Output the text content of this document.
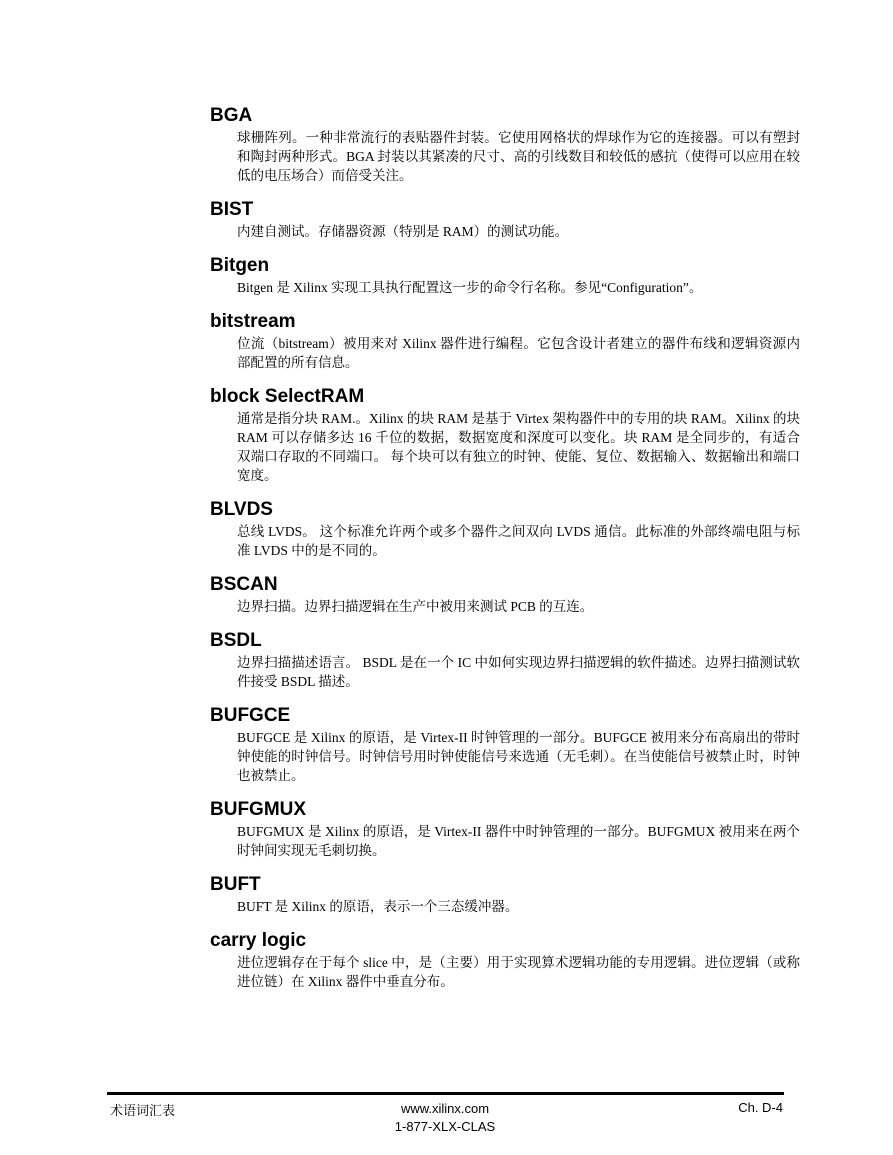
BGA
球栅阵列。一种非常流行的表贴器件封装。它使用网格状的焊球作为它的连接器。可以有塑封和陶封两种形式。BGA 封装以其紧凑的尺寸、高的引线数目和较低的感抗（使得可以应用在较低的电压场合）而倍受关注。
BIST
内建自测试。存储器资源（特别是 RAM）的测试功能。
Bitgen
Bitgen 是 Xilinx 实现工具执行配置这一步的命令行名称。参见“Configuration”。
bitstream
位流（bitstream）被用来对 Xilinx 器件进行编程。它包含设计者建立的器件布线和逻辑资源内部配置的所有信息。
block SelectRAM
通常是指分块 RAM.。Xilinx 的块 RAM 是基于 Virtex 架构器件中的专用的块 RAM。Xilinx 的块 RAM 可以存储多达 16 千位的数据，数据宽度和深度可以变化。块 RAM 是全同步的，有适合双端口存取的不同端口。 每个块可以有独立的时钟、使能、复位、数据输入、数据输出和端口宽度。
BLVDS
总线 LVDS。 这个标准允许两个或多个器件之间双向 LVDS 通信。此标准的外部终端电阻与标准 LVDS 中的是不同的。
BSCAN
边界扫描。边界扫描逻辑在生产中被用来测试 PCB 的互连。
BSDL
边界扫描描述语言。 BSDL 是在一个 IC 中如何实现边界扫描逻辑的软件描述。边界扫描测试软件接受 BSDL 描述。
BUFGCE
BUFGCE 是 Xilinx 的原语，是 Virtex-II 时钟管理的一部分。BUFGCE 被用来分布高扇出的带时钟使能的时钟信号。时钟信号用时钟使能信号来选通（无毛刺）。在当使能信号被禁止时，时钟也被禁止。
BUFGMUX
BUFGMUX 是 Xilinx 的原语，是 Virtex-II 器件中时钟管理的一部分。BUFGMUX 被用来在两个时钟间实现无毛刺切换。
BUFT
BUFT 是 Xilinx 的原语，表示一个三态缓冲器。
carry logic
进位逻辑存在于每个 slice 中，是（主要）用于实现算术逻辑功能的专用逻辑。进位逻辑（或称进位链）在 Xilinx 器件中垂直分布。
术语词汇表	www.xilinx.com
1-877-XLX-CLAS
Ch. D-4
